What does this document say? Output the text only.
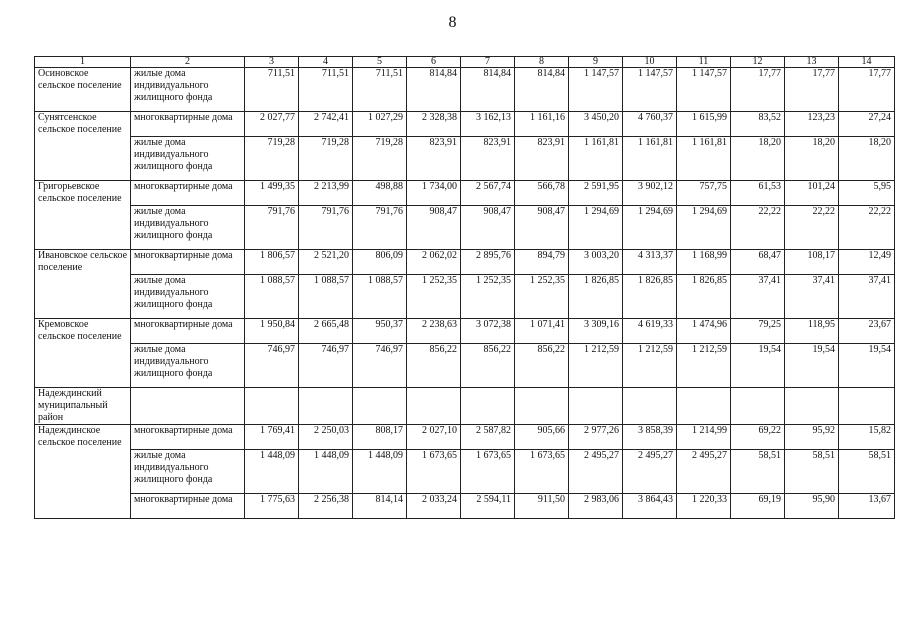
8
1	2	3	4	5	6	7	8	9	10	11	12	13	14
Осиновское сельское поселение	жилые дома индивидуального жилищного фонда	711,51	711,51	711,51	814,84	814,84	814,84	1 147,57	1 147,57	1 147,57	17,77	17,77	17,77
Сунятсенское сельское поселение	многоквартирные дома	2 027,77	2 742,41	1 027,29	2 328,38	3 162,13	1 161,16	3 450,20	4 760,37	1 615,99	83,52	123,23	27,24
	жилые дома индивидуального жилищного фонда	719,28	719,28	719,28	823,91	823,91	823,91	1 161,81	1 161,81	1 161,81	18,20	18,20	18,20
Григорьевское сельское поселение	многоквартирные дома	1 499,35	2 213,99	498,88	1 734,00	2 567,74	566,78	2 591,95	3 902,12	757,75	61,53	101,24	5,95
	жилые дома индивидуального жилищного фонда	791,76	791,76	791,76	908,47	908,47	908,47	1 294,69	1 294,69	1 294,69	22,22	22,22	22,22
Ивановское сельское поселение	многоквартирные дома	1 806,57	2 521,20	806,09	2 062,02	2 895,76	894,79	3 003,20	4 313,37	1 168,99	68,47	108,17	12,49
	жилые дома индивидуального жилищного фонда	1 088,57	1 088,57	1 088,57	1 252,35	1 252,35	1 252,35	1 826,85	1 826,85	1 826,85	37,41	37,41	37,41
Кремовское сельское поселение	многоквартирные дома	1 950,84	2 665,48	950,37	2 238,63	3 072,38	1 071,41	3 309,16	4 619,33	1 474,96	79,25	118,95	23,67
	жилые дома индивидуального жилищного фонда	746,97	746,97	746,97	856,22	856,22	856,22	1 212,59	1 212,59	1 212,59	19,54	19,54	19,54
Надеждинский муниципальный район													
Надеждинское сельское поселение	многоквартирные дома	1 769,41	2 250,03	808,17	2 027,10	2 587,82	905,66	2 977,26	3 858,39	1 214,99	69,22	95,92	15,82
	жилые дома индивидуального жилищного фонда	1 448,09	1 448,09	1 448,09	1 673,65	1 673,65	1 673,65	2 495,27	2 495,27	2 495,27	58,51	58,51	58,51
	многоквартирные дома	1 775,63	2 256,38	814,14	2 033,24	2 594,11	911,50	2 983,06	3 864,43	1 220,33	69,19	95,90	13,67
